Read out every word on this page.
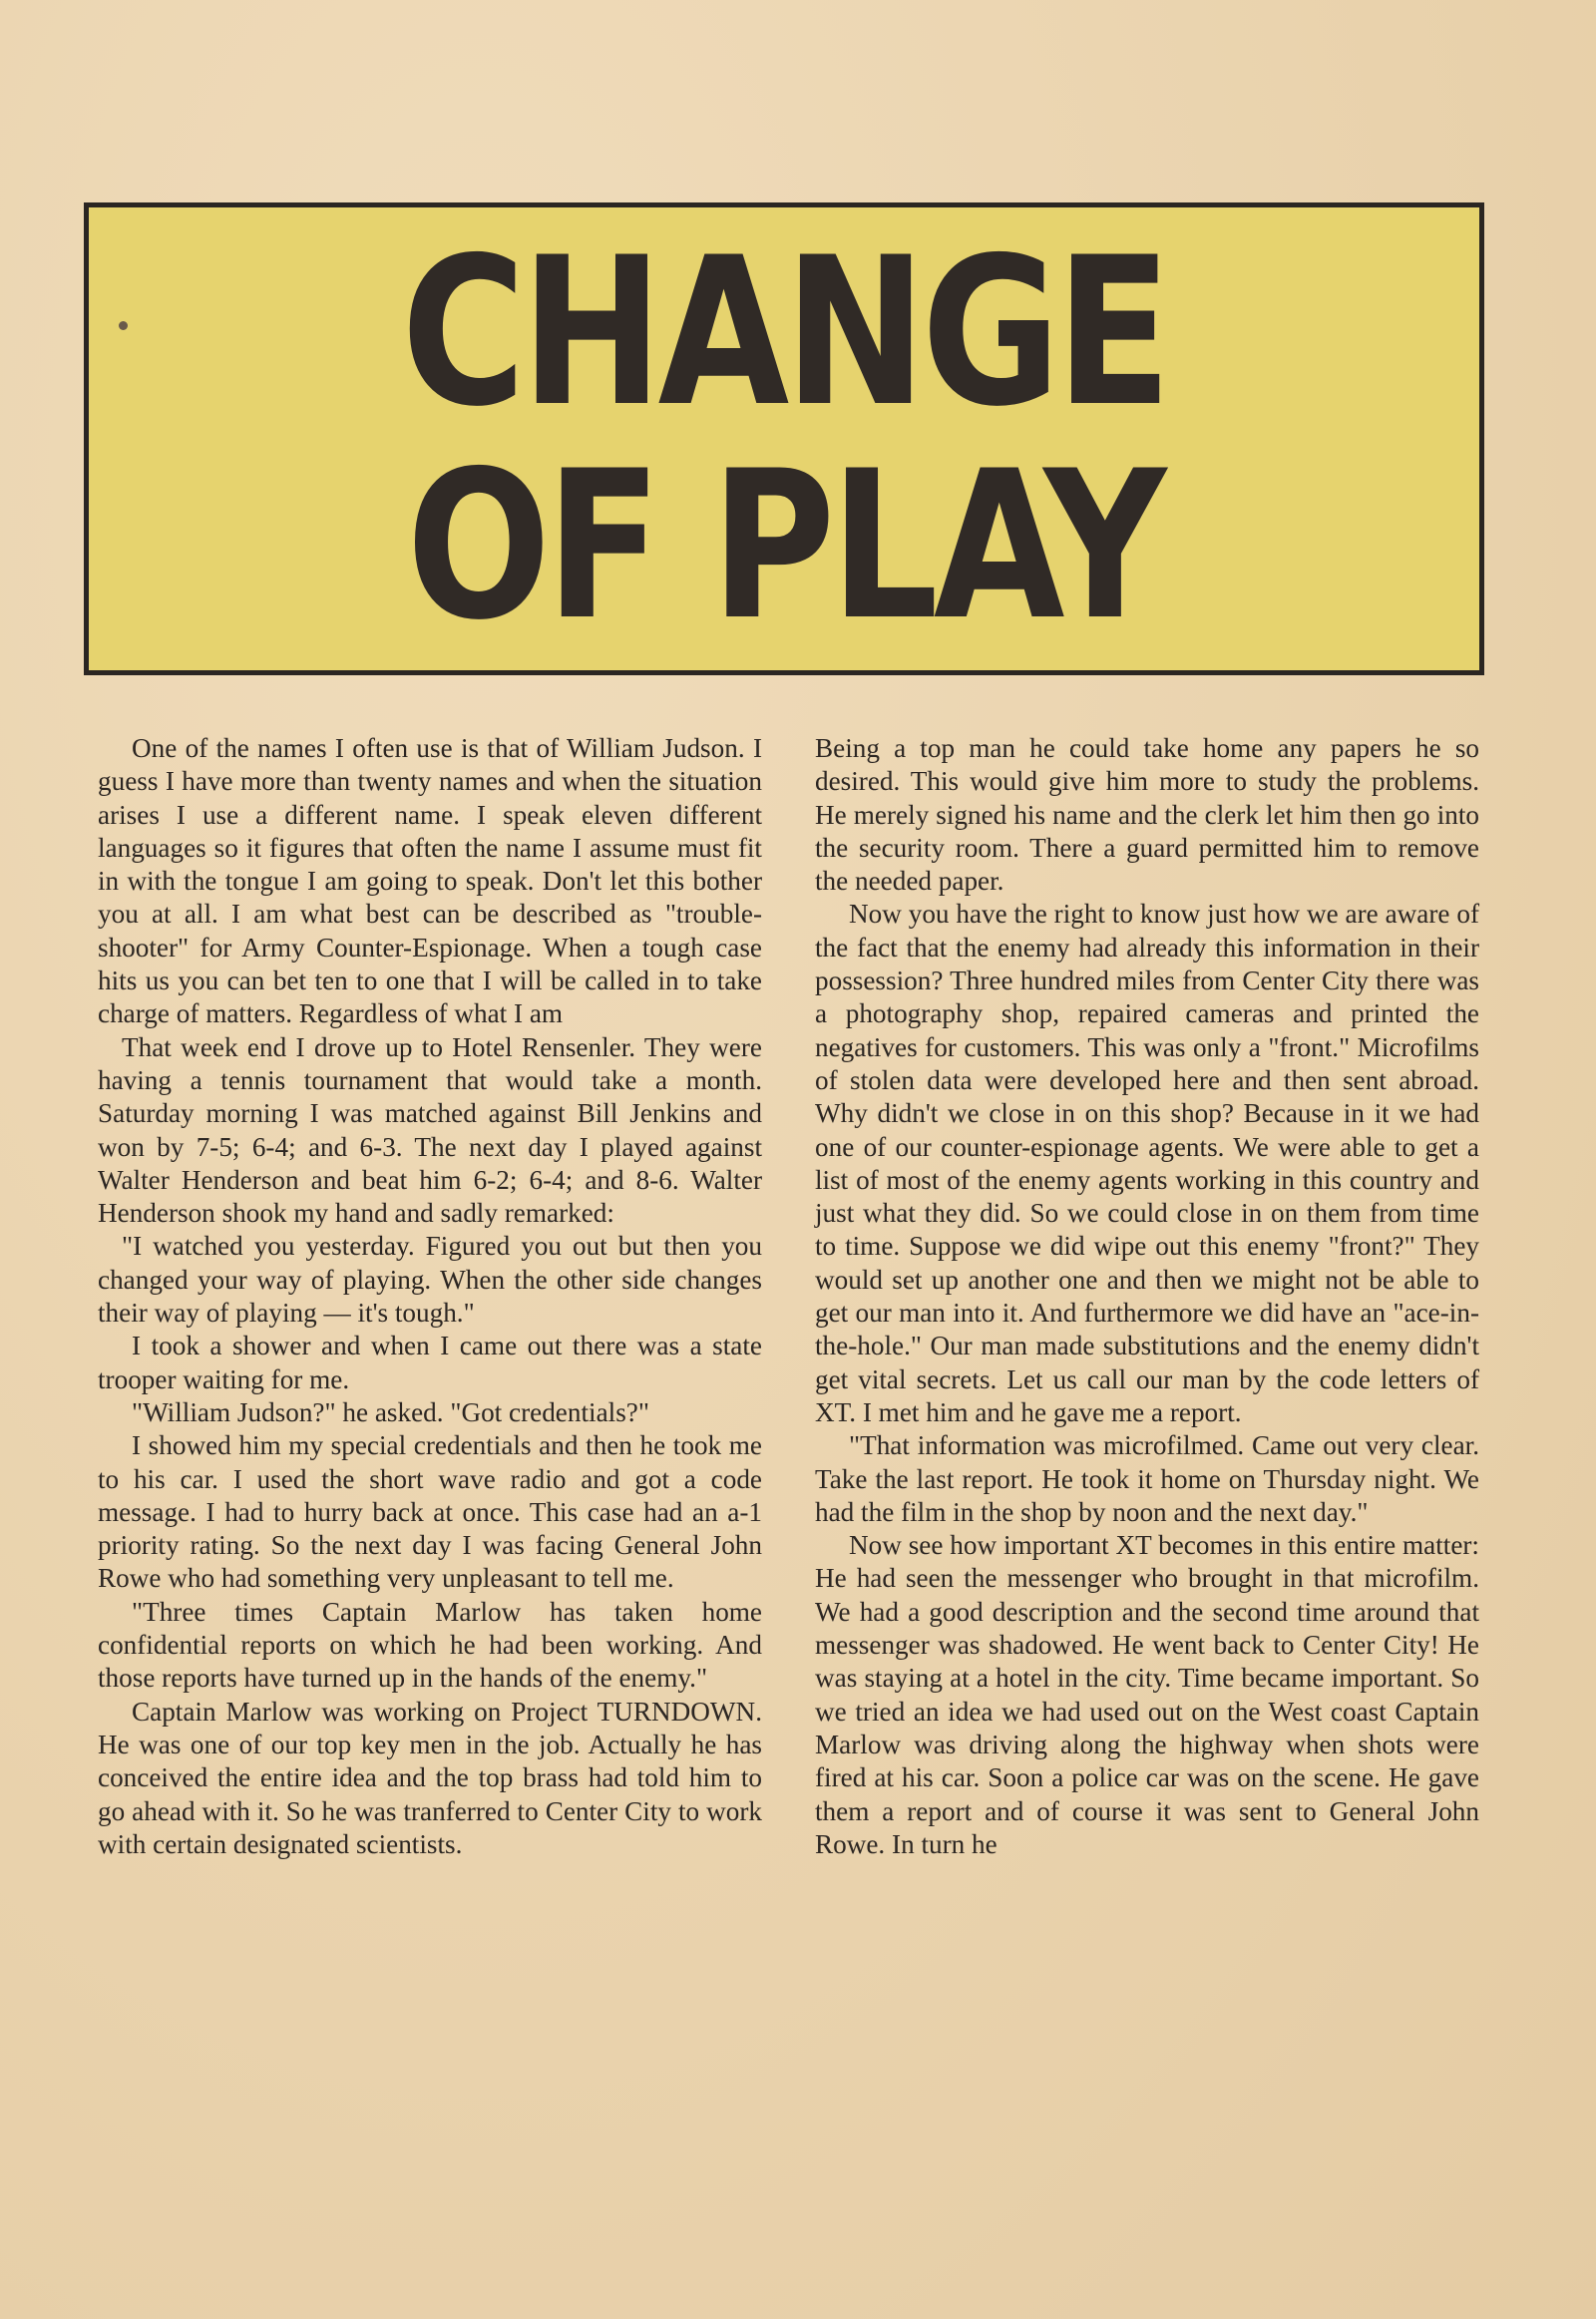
CHANGE
OF PLAY

One of the names I often use is that of William Judson. I guess I have more than twenty names and when the situation arises I use a different name. I speak eleven different languages so it figures that often the name I assume must fit in with the tongue I am going to speak. Don't let this bother you at all. I am what best can be described as "trouble-shooter" for Army Counter-Espionage. When a tough case hits us you can bet ten to one that I will be called in to take charge of matters. Regardless of what I am

That week end I drove up to Hotel Rensenler. They were having a tennis tournament that would take a month. Saturday morning I was matched against Bill Jenkins and won by 7-5; 6-4; and 6-3. The next day I played against Walter Henderson and beat him 6-2; 6-4; and 8-6. Walter Henderson shook my hand and sadly remarked:

"I watched you yesterday. Figured you out but then you changed your way of playing. When the other side changes their way of playing — it's tough."

I took a shower and when I came out there was a state trooper waiting for me.

"William Judson?" he asked. "Got credentials?"

I showed him my special credentials and then he took me to his car. I used the short wave radio and got a code message. I had to hurry back at once. This case had an a-1 priority rating. So the next day I was facing General John Rowe who had something very unpleasant to tell me.

"Three times Captain Marlow has taken home confidential reports on which he had been working. And those reports have turned up in the hands of the enemy."

Captain Marlow was working on Project TURNDOWN. He was one of our top key men in the job. Actually he has conceived the entire idea and the top brass had told him to go ahead with it. So he was tranferred to Center City to work with certain designated scientists.

Being a top man he could take home any papers he so desired. This would give him more to study the problems. He merely signed his name and the clerk let him then go into the security room. There a guard permitted him to remove the needed paper.

Now you have the right to know just how we are aware of the fact that the enemy had already this information in their possession? Three hundred miles from Center City there was a photography shop, repaired cameras and printed the negatives for customers. This was only a "front." Microfilms of stolen data were developed here and then sent abroad. Why didn't we close in on this shop? Because in it we had one of our counter-espionage agents. We were able to get a list of most of the enemy agents working in this country and just what they did. So we could close in on them from time to time. Suppose we did wipe out this enemy "front?" They would set up another one and then we might not be able to get our man into it. And furthermore we did have an "ace-in-the-hole." Our man made substitutions and the enemy didn't get vital secrets. Let us call our man by the code letters of XT. I met him and he gave me a report.

"That information was microfilmed. Came out very clear. Take the last report. He took it home on Thursday night. We had the film in the shop by noon and the next day."

Now see how important XT becomes in this entire matter: He had seen the messenger who brought in that microfilm. We had a good description and the second time around that messenger was shadowed. He went back to Center City! He was staying at a hotel in the city. Time became important. So we tried an idea we had used out on the West coast Captain Marlow was driving along the highway when shots were fired at his car. Soon a police car was on the scene. He gave them a report and of course it was sent to General John Rowe. In turn he
